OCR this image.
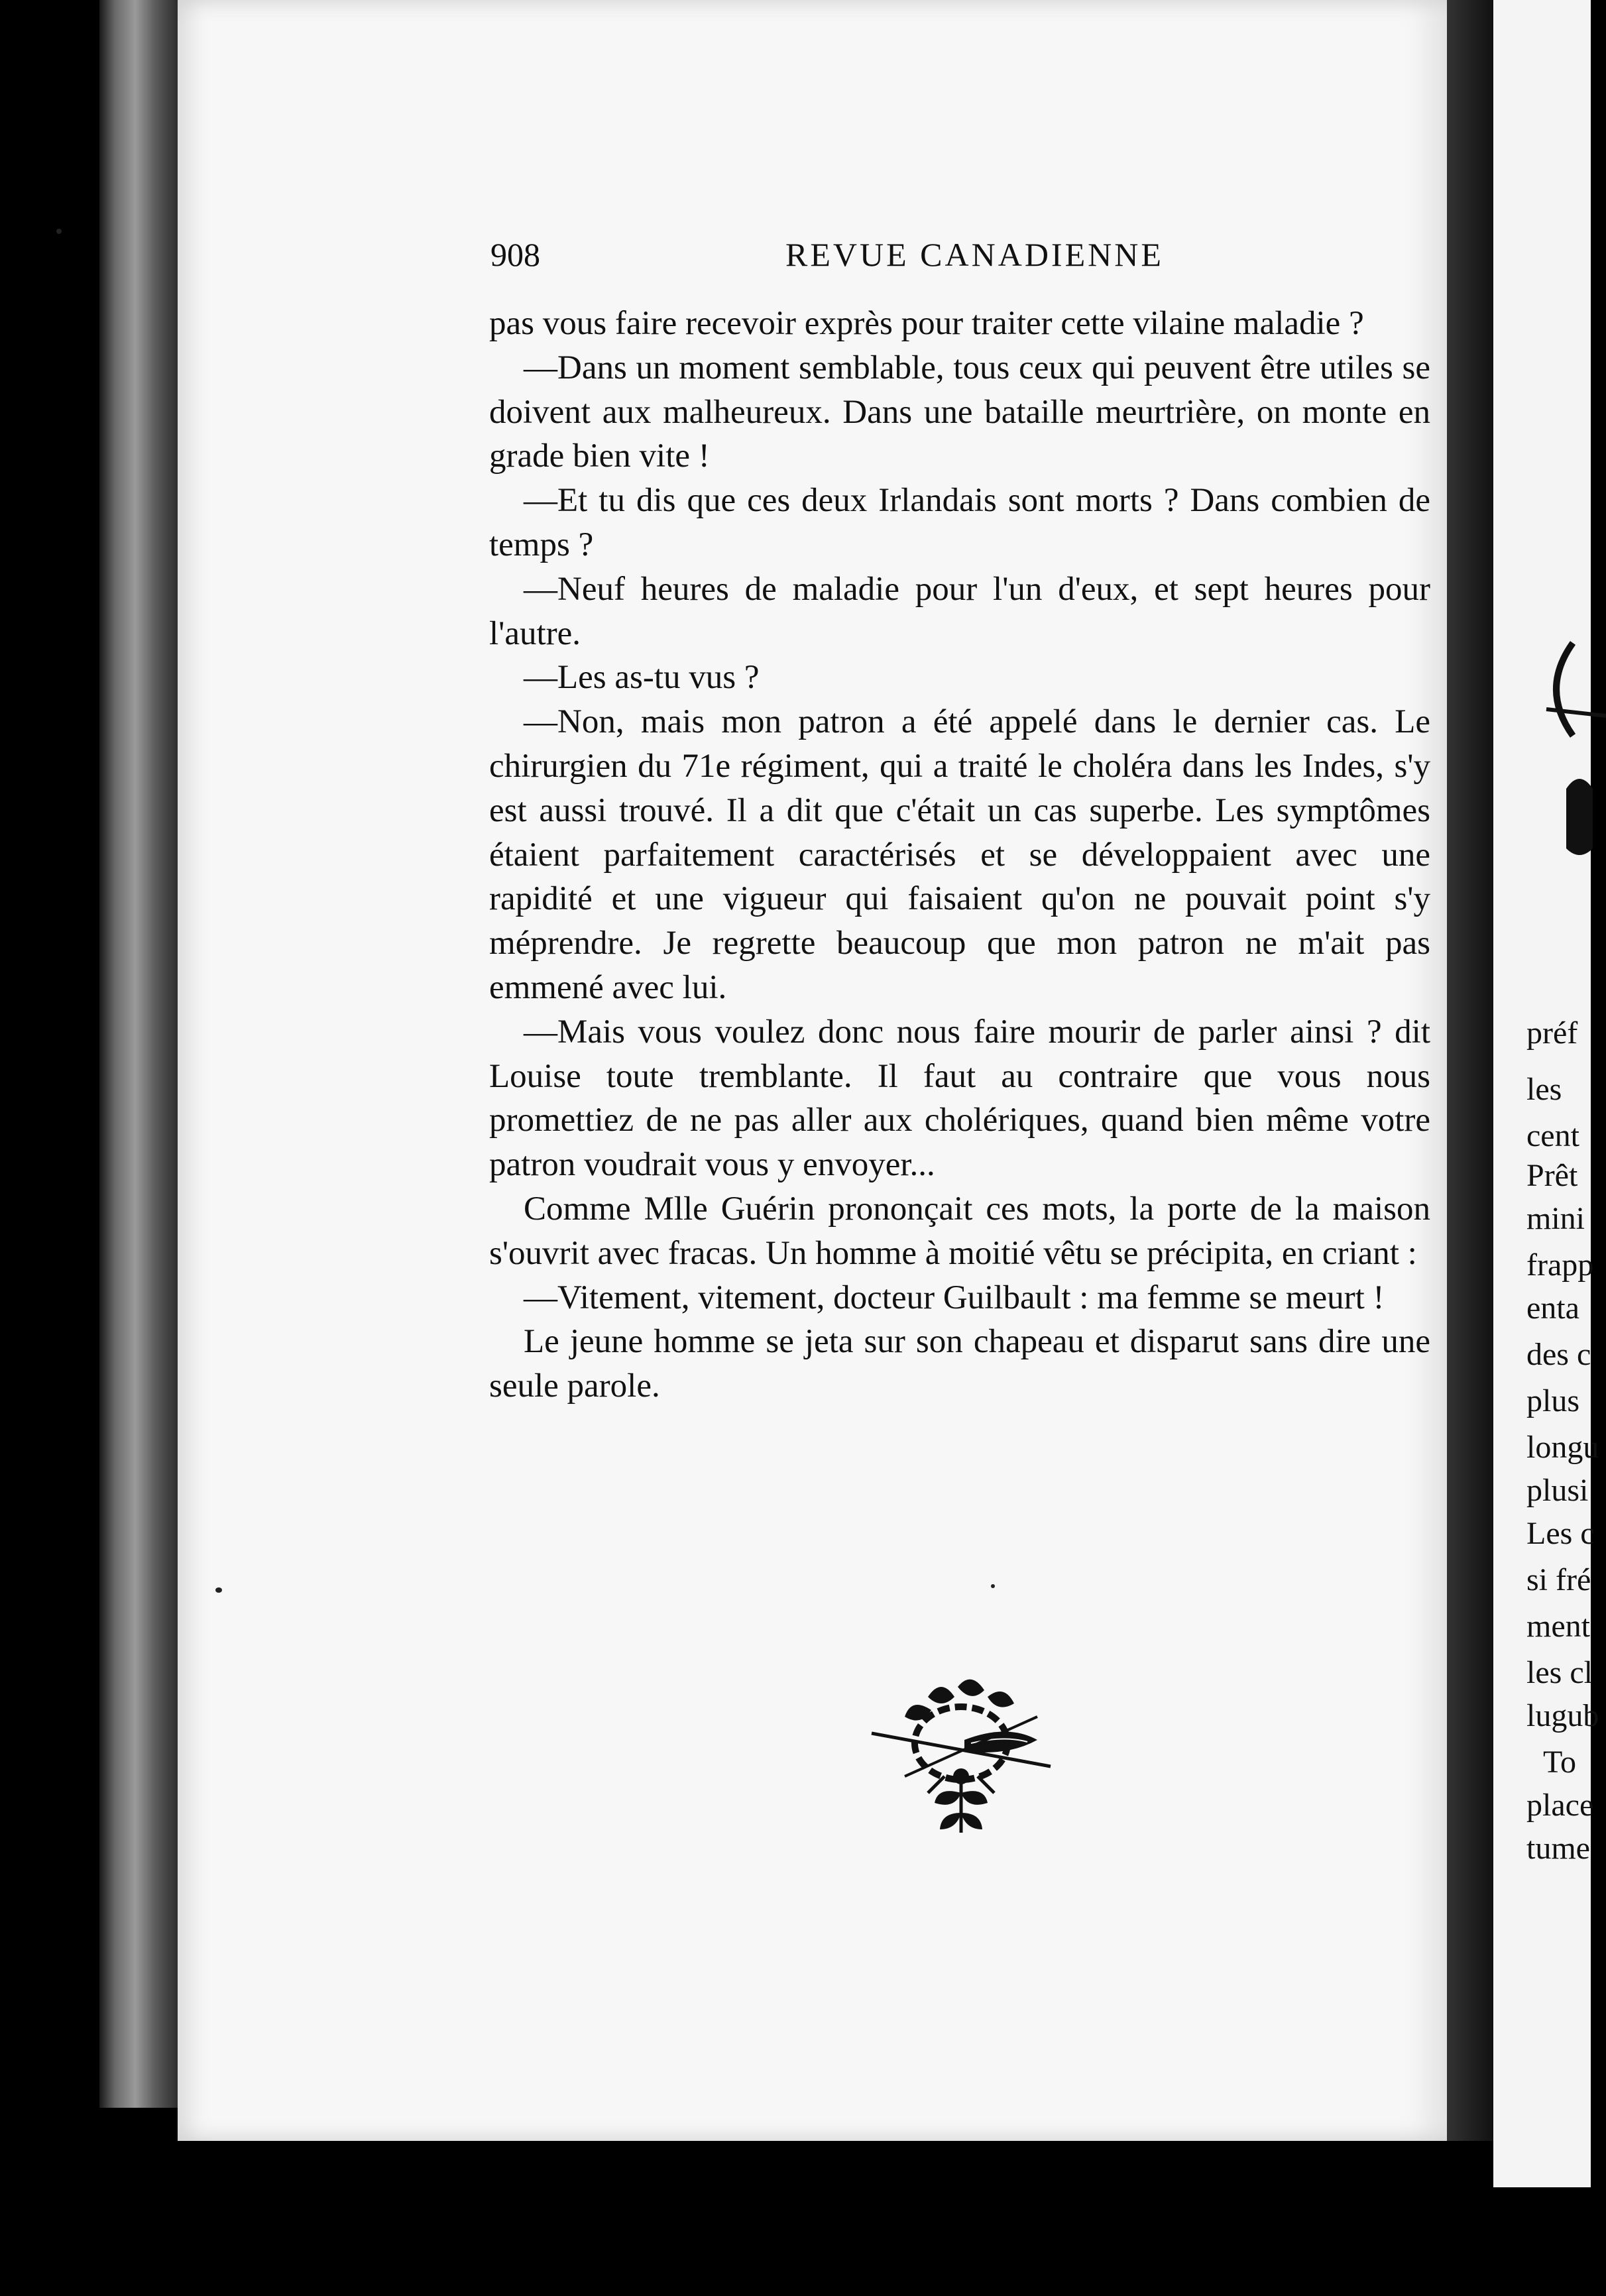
908	REVUE CANADIENNE

pas vous faire recevoir exprès pour traiter cette vilaine maladie ?

—Dans un moment semblable, tous ceux qui peuvent être utiles se doivent aux malheureux. Dans une bataille meurtrière, on monte en grade bien vite !

—Et tu dis que ces deux Irlandais sont morts ? Dans combien de temps ?

—Neuf heures de maladie pour l'un d'eux, et sept heures pour l'autre.

—Les as-tu vus ?

—Non, mais mon patron a été appelé dans le dernier cas. Le chirurgien du 71e régiment, qui a traité le choléra dans les Indes, s'y est aussi trouvé. Il a dit que c'était un cas superbe. Les symptômes étaient parfaitement caractérisés et se développaient avec une rapidité et une vigueur qui faisaient qu'on ne pouvait point s'y méprendre. Je regrette beaucoup que mon patron ne m'ait pas emmené avec lui.

—Mais vous voulez donc nous faire mourir de parler ainsi ? dit Louise toute tremblante. Il faut au contraire que vous nous promettiez de ne pas aller aux cholériques, quand bien même votre patron voudrait vous y envoyer...

Comme Mlle Guérin prononçait ces mots, la porte de la maison s'ouvrit avec fracas. Un homme à moitié vêtu se précipita, en criant :

—Vitement, vitement, docteur Guilbault : ma femme se meurt !

Le jeune homme se jeta sur son chapeau et disparut sans dire une seule parole.

préf
les
cent
Prêt
mini
frapp
enta
des c
plus
longu
plusi
Les c
si fré
ment
les cl
lugub
To
place
tume
